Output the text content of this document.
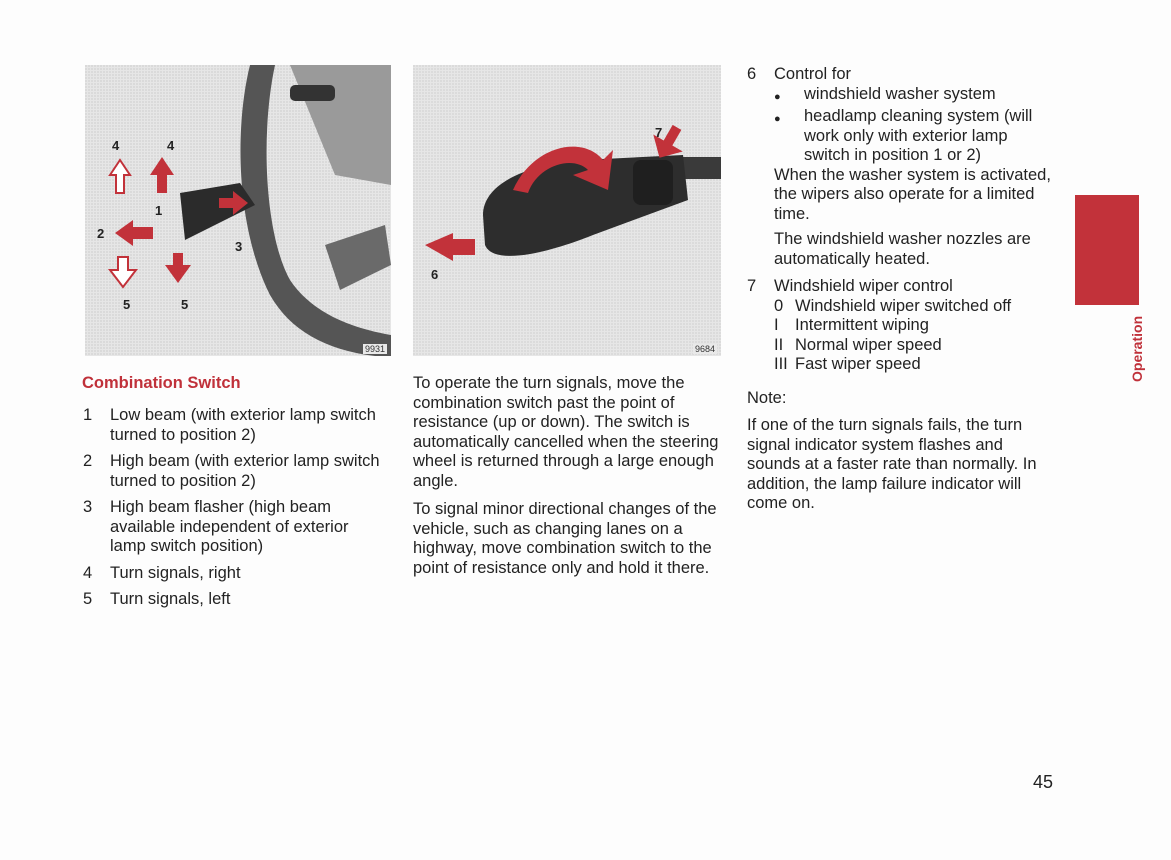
4	4
1
2
3
5	5
9931
7
6
9684
Combination Switch
1	Low beam (with exterior lamp switch turned to position 2)
2	High beam (with exterior lamp switch turned to position 2)
3	High beam flasher (high beam available independent of exterior lamp switch position)
4	Turn signals, right
5	Turn signals, left

To operate the turn signals, move the combination switch past the point of resistance (up or down). The switch is automatically cancelled when the steering wheel is returned through a large enough angle.

To signal minor directional changes of the vehicle, such as changing lanes on a highway, move combination switch to the point of resistance only and hold it there.

6	Control for
●	windshield washer system
●	headlamp cleaning system (will work only with exterior lamp switch in position 1 or 2)

When the washer system is activated, the wipers also operate for a limited time.

The windshield washer nozzles are automatically heated.

7	Windshield wiper control
0 Windshield wiper switched off
I Intermittent wiping
II Normal wiper speed
III Fast wiper speed

Note:

If one of the turn signals fails, the turn signal indicator system flashes and sounds at a faster rate than normally. In addition, the lamp failure indicator will come on.

Operation
45
